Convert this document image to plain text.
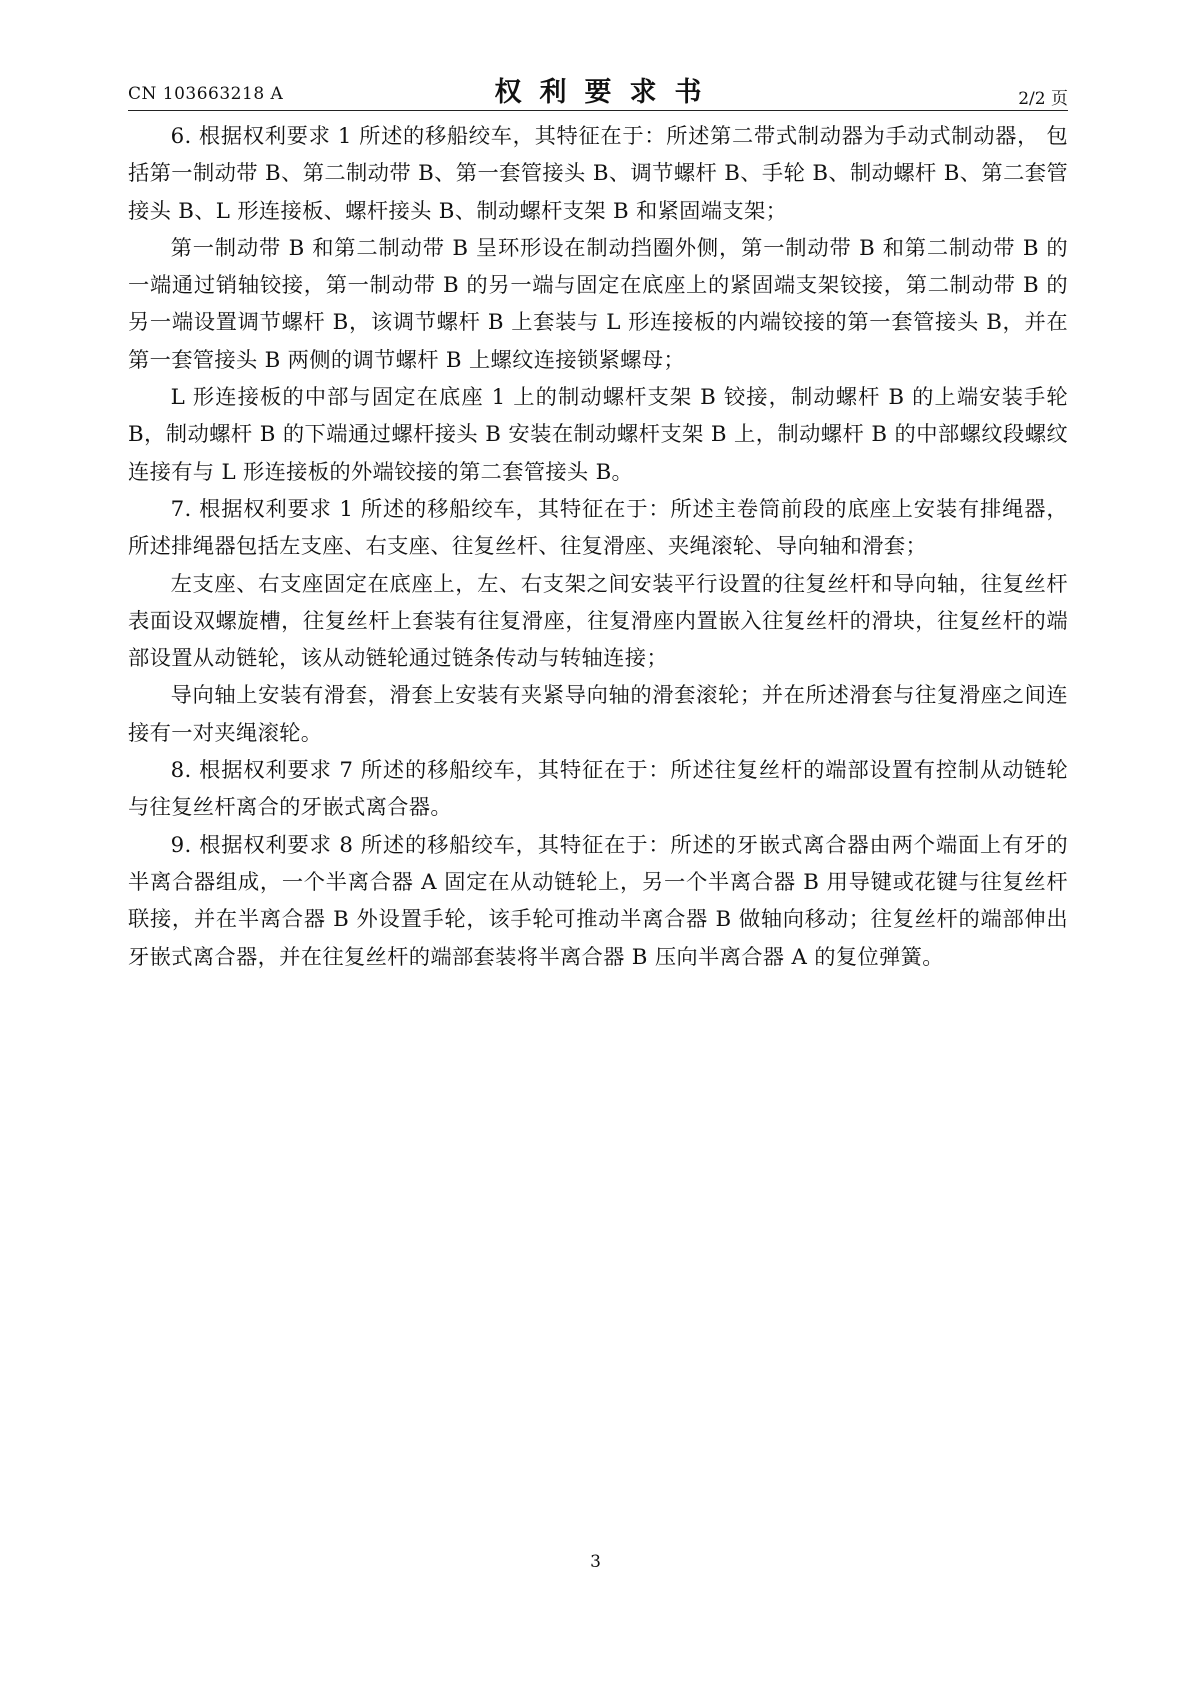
CN 103663218 A	权利要求书	2/2 页

6. 根据权利要求 1 所述的移船绞车，其特征在于：所述第二带式制动器为手动式制动器， 包括第一制动带 B、第二制动带 B、第一套管接头 B、调节螺杆 B、手轮 B、制动螺杆 B、第二套管接头 B、L 形连接板、螺杆接头 B、制动螺杆支架 B 和紧固端支架；

第一制动带 B 和第二制动带 B 呈环形设在制动挡圈外侧，第一制动带 B 和第二制动带 B 的一端通过销轴铰接，第一制动带 B 的另一端与固定在底座上的紧固端支架铰接，第二制动带 B 的另一端设置调节螺杆 B，该调节螺杆 B 上套装与 L 形连接板的内端铰接的第一套管接头 B，并在第一套管接头 B 两侧的调节螺杆 B 上螺纹连接锁紧螺母；

L 形连接板的中部与固定在底座 1 上的制动螺杆支架 B 铰接，制动螺杆 B 的上端安装手轮 B，制动螺杆 B 的下端通过螺杆接头 B 安装在制动螺杆支架 B 上，制动螺杆 B 的中部螺纹段螺纹连接有与 L 形连接板的外端铰接的第二套管接头 B。

7. 根据权利要求 1 所述的移船绞车，其特征在于：所述主卷筒前段的底座上安装有排绳器，所述排绳器包括左支座、右支座、往复丝杆、往复滑座、夹绳滚轮、导向轴和滑套；

左支座、右支座固定在底座上，左、右支架之间安装平行设置的往复丝杆和导向轴，往复丝杆表面设双螺旋槽，往复丝杆上套装有往复滑座，往复滑座内置嵌入往复丝杆的滑块，往复丝杆的端部设置从动链轮，该从动链轮通过链条传动与转轴连接；

导向轴上安装有滑套，滑套上安装有夹紧导向轴的滑套滚轮；并在所述滑套与往复滑座之间连接有一对夹绳滚轮。

8. 根据权利要求 7 所述的移船绞车，其特征在于：所述往复丝杆的端部设置有控制从动链轮与往复丝杆离合的牙嵌式离合器。

9. 根据权利要求 8 所述的移船绞车，其特征在于：所述的牙嵌式离合器由两个端面上有牙的半离合器组成，一个半离合器 A 固定在从动链轮上，另一个半离合器 B 用导键或花键与往复丝杆联接，并在半离合器 B 外设置手轮，该手轮可推动半离合器 B 做轴向移动；往复丝杆的端部伸出牙嵌式离合器，并在往复丝杆的端部套装将半离合器 B 压向半离合器 A 的复位弹簧。

3
